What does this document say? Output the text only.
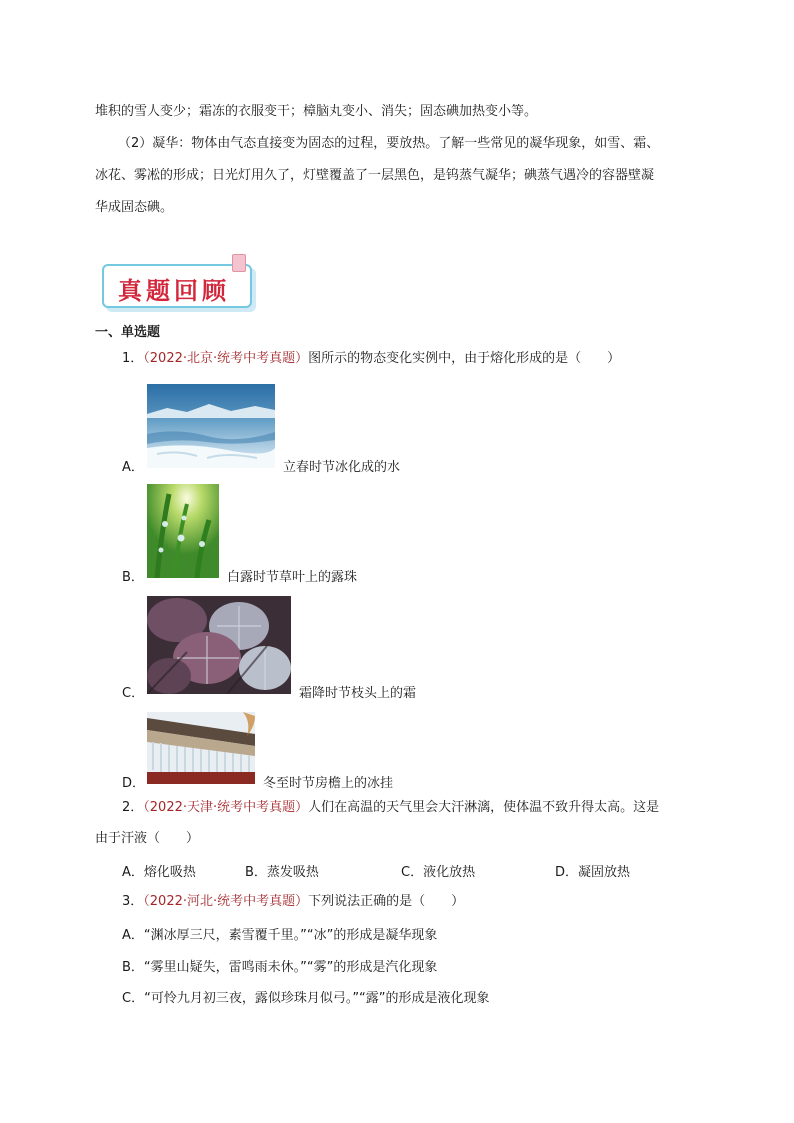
堆积的雪人变少；霜冻的衣服变干；樟脑丸变小、消失；固态碘加热变小等。
（2）凝华：物体由气态直接变为固态的过程，要放热。了解一些常见的凝华现象，如雪、霜、
冰花、雾凇的形成；日光灯用久了，灯壁覆盖了一层黑色，是钨蒸气凝华；碘蒸气遇冷的容器壁凝
华成固态碘。
真题回顾
一、单选题
1．（2022·北京·统考中考真题）图所示的物态变化实例中，由于熔化形成的是（　　）
A．	立春时节冰化成的水
B．	白露时节草叶上的露珠
C．	霜降时节枝头上的霜
D．	冬至时节房檐上的冰挂
2．（2022·天津·统考中考真题）人们在高温的天气里会大汗淋漓，使体温不致升得太高。这是
由于汗液（　　）
A．熔化吸热	B．蒸发吸热	C．液化放热	D．凝固放热
3．（2022·河北·统考中考真题）下列说法正确的是（　　）
A．“渊冰厚三尺，素雪覆千里。”“冰”的形成是凝华现象
B．“雾里山疑失，雷鸣雨未休。”“雾”的形成是汽化现象
C．“可怜九月初三夜，露似珍珠月似弓。”“露”的形成是液化现象
